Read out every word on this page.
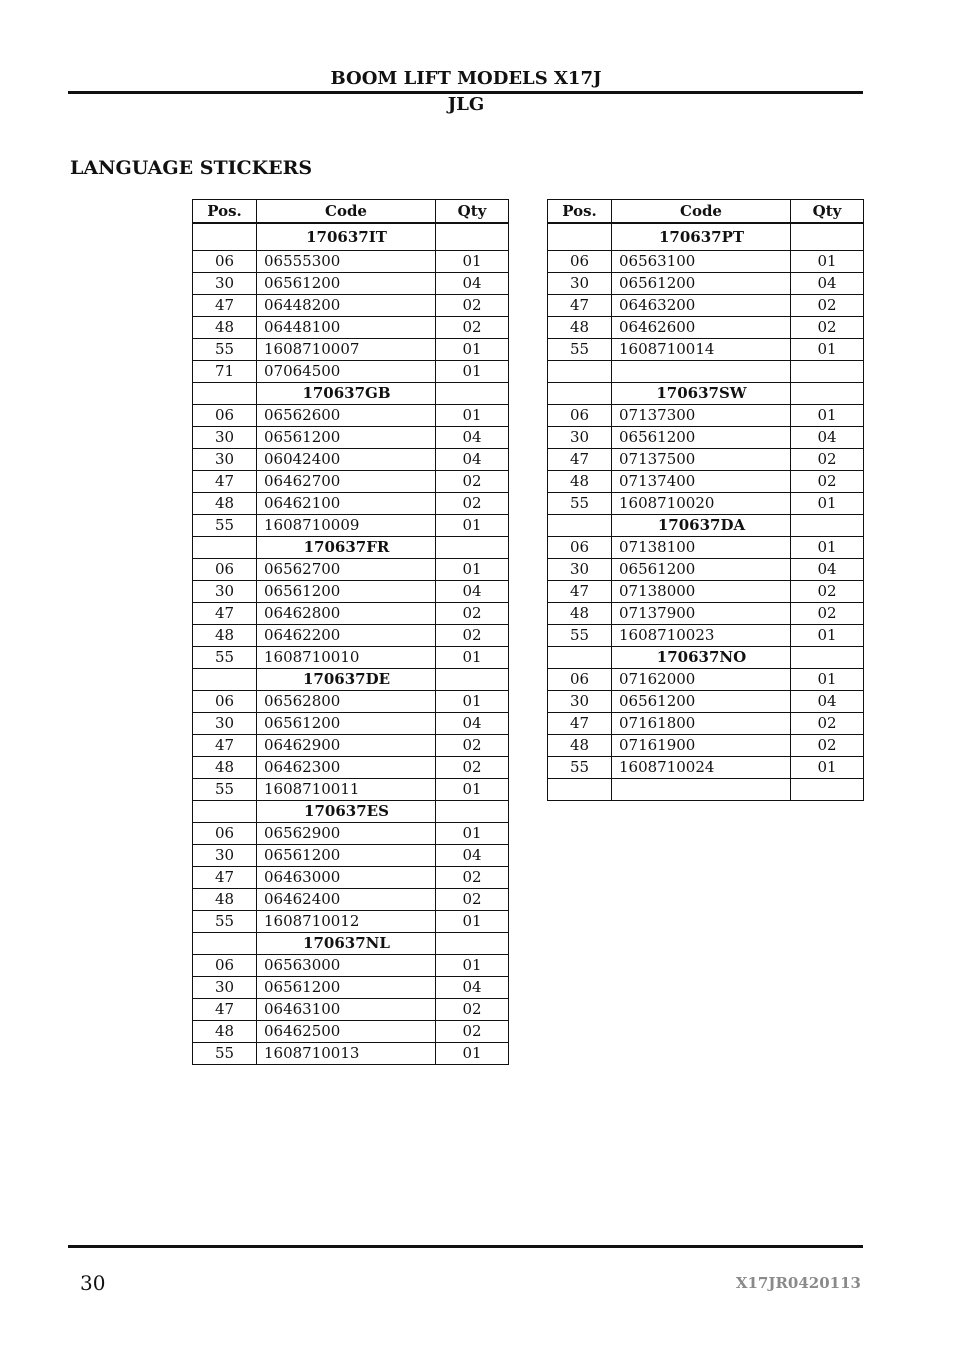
BOOM LIFT MODELS X17J
JLG
LANGUAGE STICKERS
Pos.	Code	Qty
	170637IT	
06	06555300	01
30	06561200	04
47	06448200	02
48	06448100	02
55	1608710007	01
71	07064500	01
	170637GB	
06	06562600	01
30	06561200	04
30	06042400	04
47	06462700	02
48	06462100	02
55	1608710009	01
	170637FR	
06	06562700	01
30	06561200	04
47	06462800	02
48	06462200	02
55	1608710010	01
	170637DE	
06	06562800	01
30	06561200	04
47	06462900	02
48	06462300	02
55	1608710011	01
	170637ES	
06	06562900	01
30	06561200	04
47	06463000	02
48	06462400	02
55	1608710012	01
	170637NL	
06	06563000	01
30	06561200	04
47	06463100	02
48	06462500	02
55	1608710013	01
Pos.	Code	Qty
	170637PT	
06	06563100	01
30	06561200	04
47	06463200	02
48	06462600	02
55	1608710014	01

	170637SW	
06	07137300	01
30	06561200	04
47	07137500	02
48	07137400	02
55	1608710020	01
	170637DA	
06	07138100	01
30	06561200	04
47	07138000	02
48	07137900	02
55	1608710023	01
	170637NO	
06	07162000	01
30	06561200	04
47	07161800	02
48	07161900	02
55	1608710024	01

30	X17JR0420113
